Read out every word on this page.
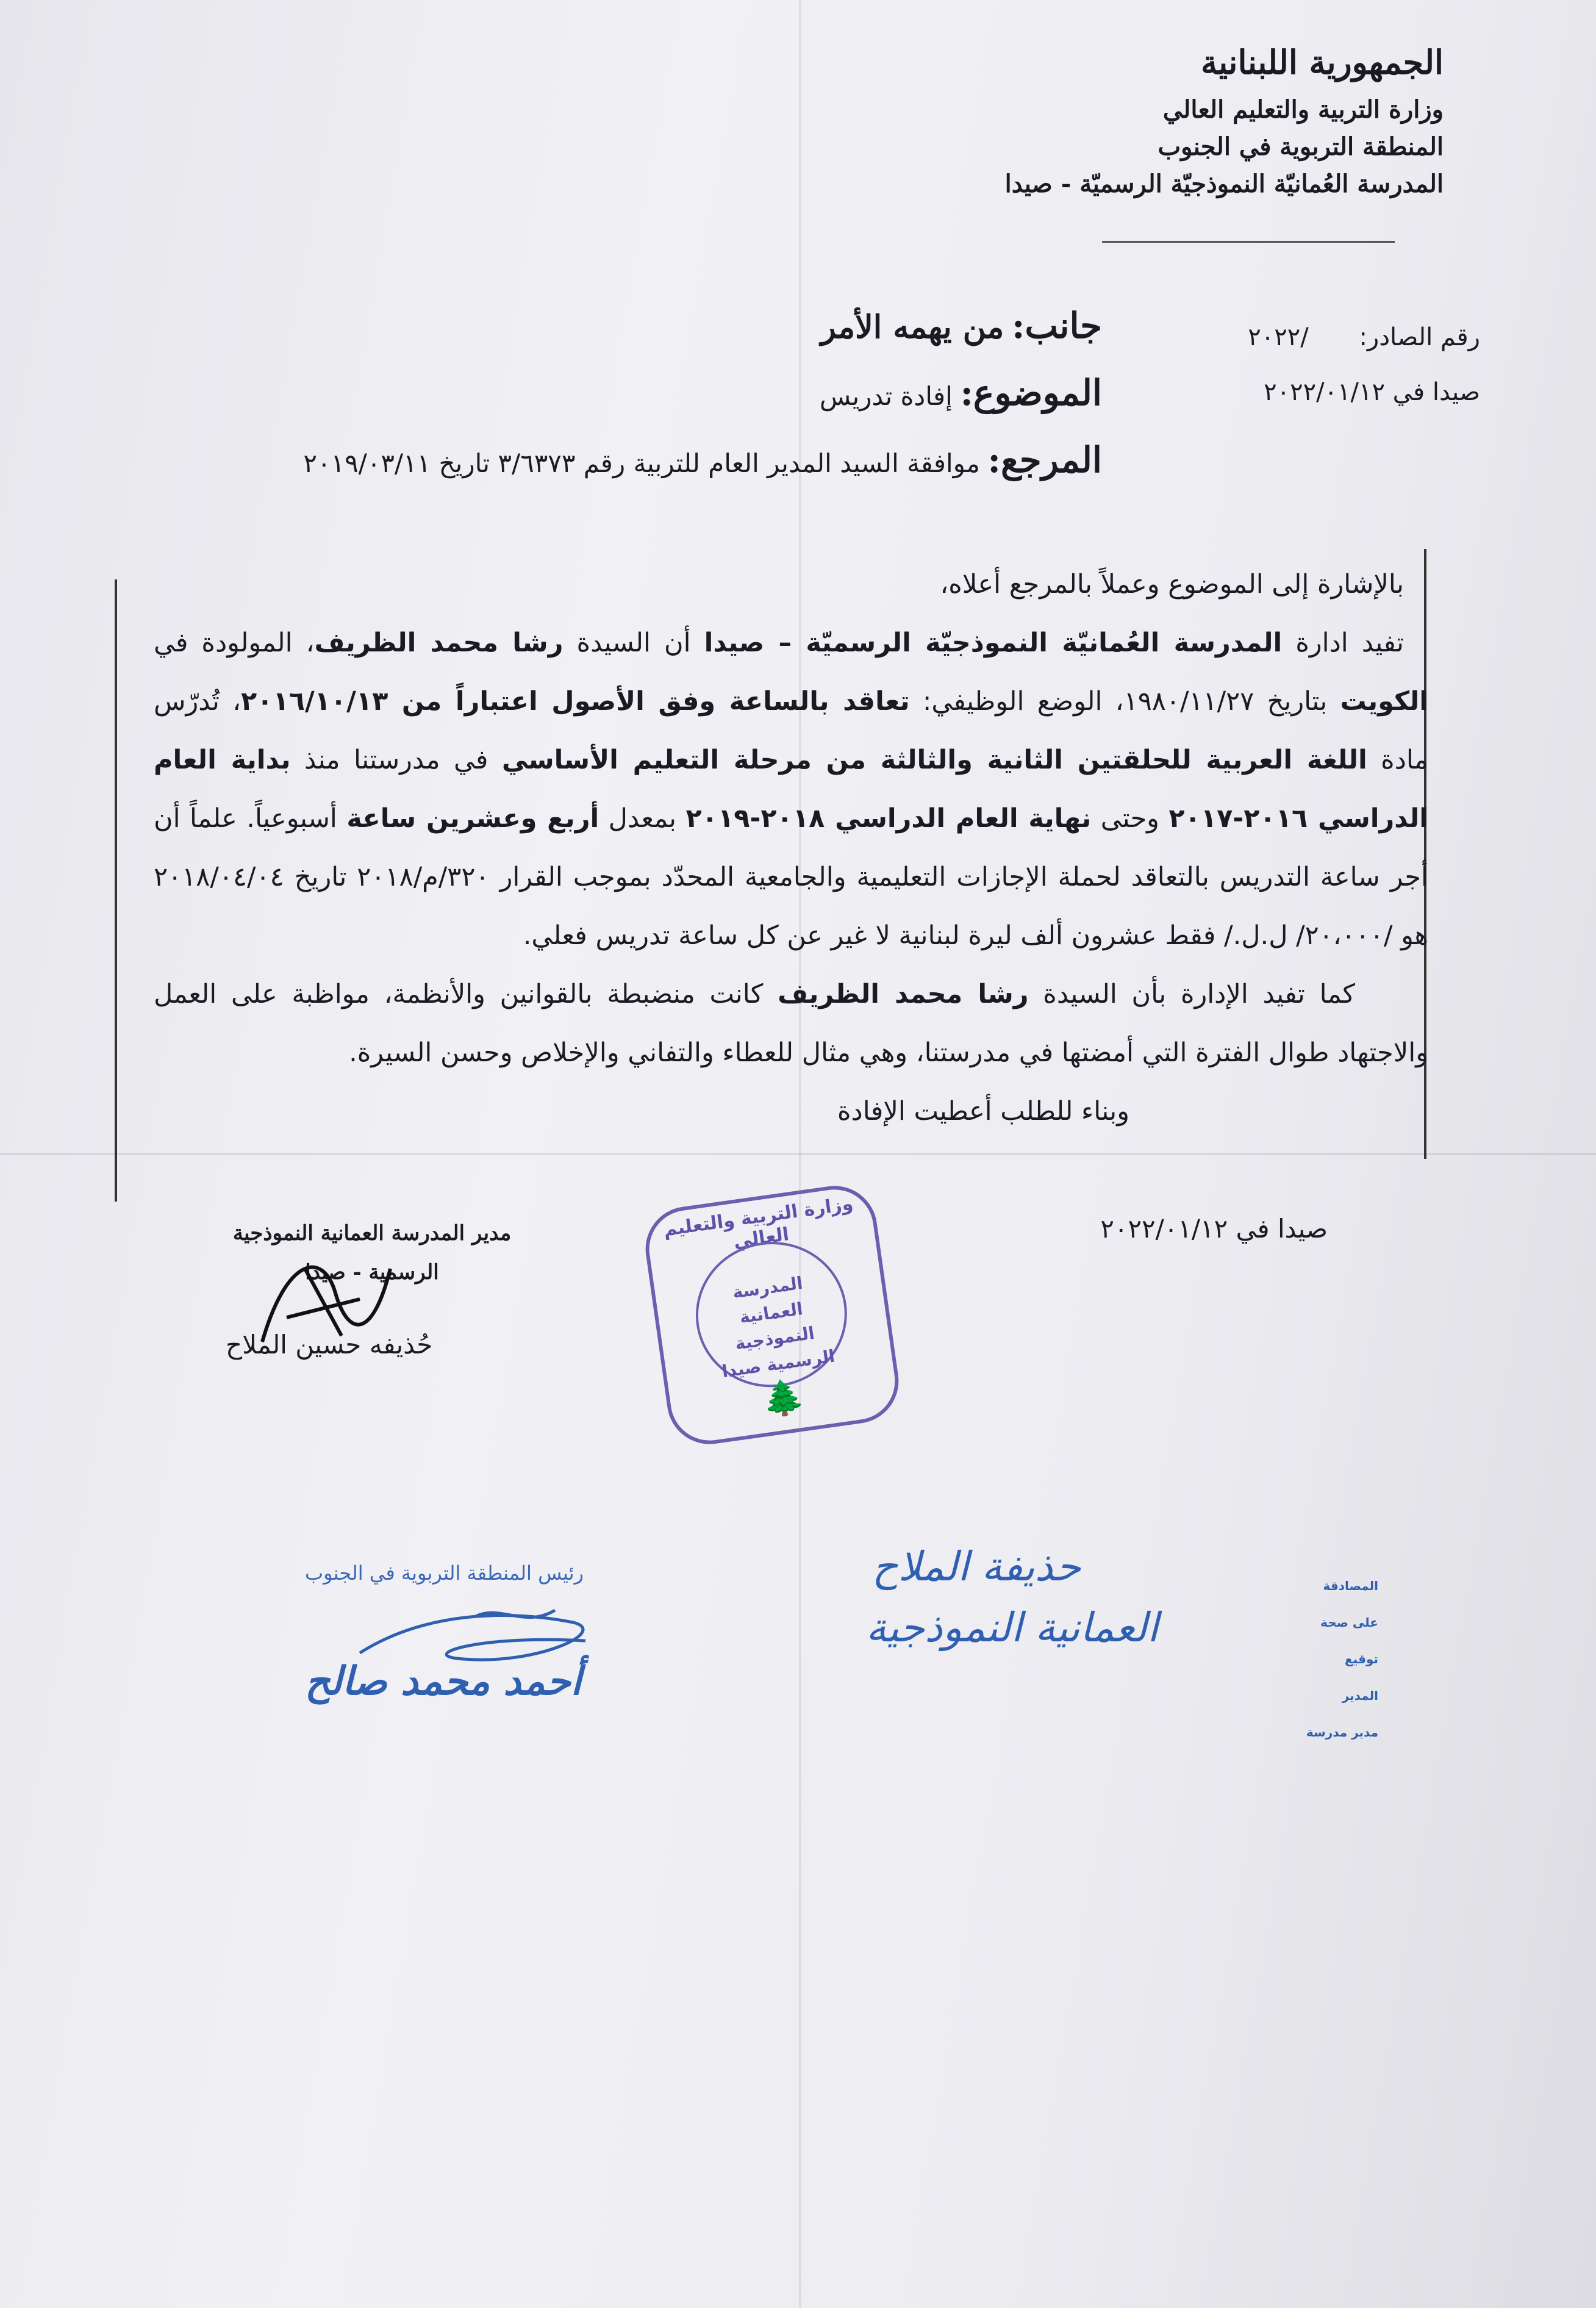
الجمهورية اللبنانية
وزارة التربية والتعليم العالي
المنطقة التربوية في الجنوب
المدرسة العُمانيّة النموذجيّة الرسميّة - صيدا
جانب: من يهمه الأمر
الموضوع: إفادة تدريس
المرجع: موافقة السيد المدير العام للتربية رقم ٣/٦٣٧٣ تاريخ ٢٠١٩/٠٣/١١
رقم الصادر: /٢٠٢٢
صيدا في ٢٠٢٢/٠١/١٢

بالإشارة إلى الموضوع وعملاً بالمرجع أعلاه،

تفيد ادارة المدرسة العُمانيّة النموذجيّة الرسميّة – صيدا أن السيدة رشا محمد الظريف، المولودة في الكويت بتاريخ ١٩٨٠/١١/٢٧، الوضع الوظيفي: تعاقد بالساعة وفق الأصول اعتباراً من ٢٠١٦/١٠/١٣، تُدرّس مادة اللغة العربية للحلقتين الثانية والثالثة من مرحلة التعليم الأساسي في مدرستنا منذ بداية العام الدراسي ٢٠١٦-٢٠١٧ وحتى نهاية العام الدراسي ٢٠١٨-٢٠١٩ بمعدل أربع وعشرين ساعة أسبوعياً. علماً أن أجر ساعة التدريس بالتعاقد لحملة الإجازات التعليمية والجامعية المحدّد بموجب القرار ٣٢٠/م/٢٠١٨ تاريخ ٢٠١٨/٠٤/٠٤ هو /٢٠،٠٠٠/ ل.ل./ فقط عشرون ألف ليرة لبنانية لا غير عن كل ساعة تدريس فعلي.

كما تفيد الإدارة بأن السيدة رشا محمد الظريف كانت منضبطة بالقوانين والأنظمة، مواظبة على العمل والاجتهاد طوال الفترة التي أمضتها في مدرستنا، وهي مثال للعطاء والتفاني والإخلاص وحسن السيرة.

وبناء للطلب أعطيت الإفادة

صيدا في ٢٠٢٢/٠١/١٢
مدير المدرسة العمانية النموذجية
الرسمية - صيدا
حُذيفه حسين الملاح
وزارة التربية والتعليم العالي
المدرسة العمانية النموذجية الرسمية صيدا
🌲
رئيس المنطقة التربوية في الجنوب
أحمد محمد صالح
المصادقة على صحة توقيع المدير
مدير مدرسة
حذيفة الملاح
العمانية النموذجية
